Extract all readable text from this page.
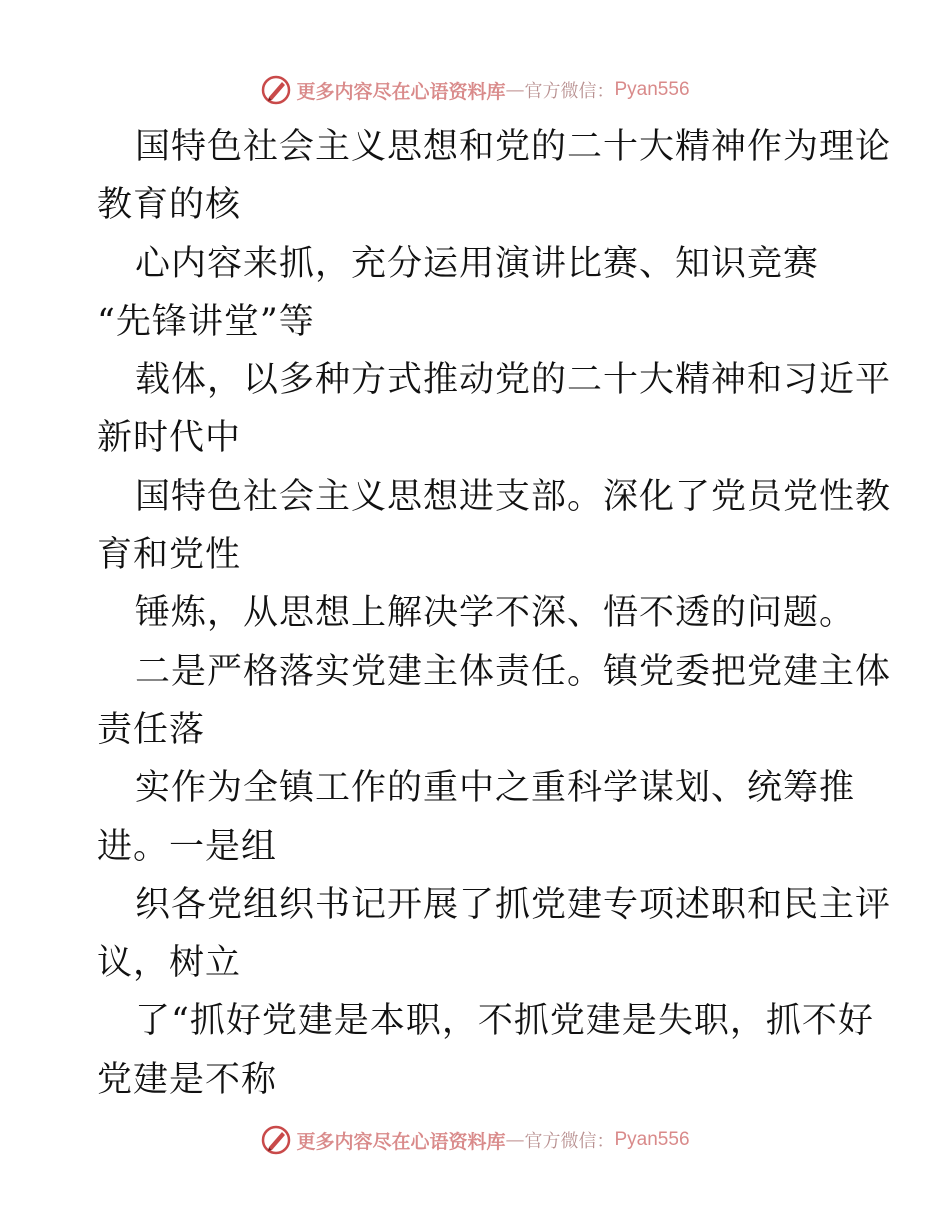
更多内容尽在心语资料库 — 官方微信： Pyan556
国特色社会主义思想和党的二十大精神作为理论
教育的核
心内容来抓，充分运用演讲比赛、知识竞赛
“先锋讲堂”等
载体，以多种方式推动党的二十大精神和习近平
新时代中
国特色社会主义思想进支部。深化了党员党性教
育和党性
锤炼，从思想上解决学不深、悟不透的问题。
二是严格落实党建主体责任。镇党委把党建主体
责任落
实作为全镇工作的重中之重科学谋划、统筹推
进。一是组
织各党组织书记开展了抓党建专项述职和民主评
议，树立
了“抓好党建是本职，不抓党建是失职，抓不好
党建是不称
更多内容尽在心语资料库 — 官方微信： Pyan556
